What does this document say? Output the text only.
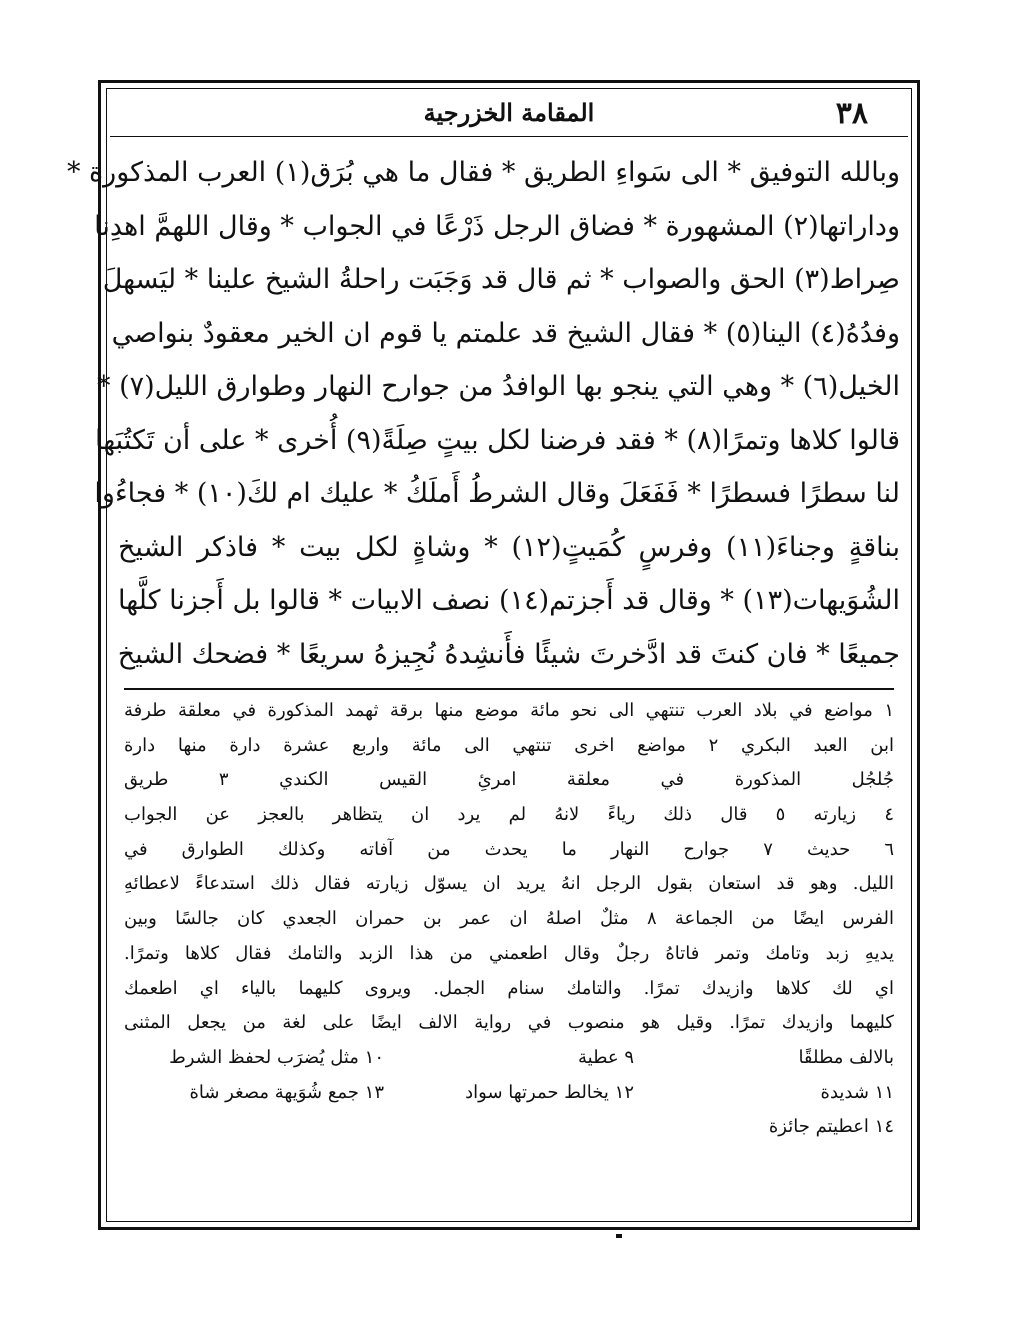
٣٨
المقامة الخزرجية
وبالله التوفيق * الى سَواءِ الطريق * فقال ما هي بُرَق(١) العرب المذكورة *
وداراتها(٢) المشهورة * فضاق الرجل ذَرْعًا في الجواب * وقال اللهمَّ اهدِنا
صِراط(٣) الحق والصواب * ثم قال قد وَجَبَت راحلةُ الشيخ علينا * ليَسهلَ
وفدُهُ(٤) الينا(٥) * فقال الشيخ قد علمتم يا قوم ان الخير معقودٌ بنواصي
الخيل(٦) * وهي التي ينجو بها الوافدُ من جوارح النهار وطوارق الليل(٧) *
قالوا كلاها وتمرًا(٨) * فقد فرضنا لكل بيتٍ صِلَةً(٩) أُخرى * على أن تَكتُبَها
لنا سطرًا فسطرًا * فَفَعَلَ وقال الشرطُ أَملَكُ * عليك ام لكَ(١٠) * فجاءُوا
بناقةٍ وجناءَ(١١) وفرسٍ كُمَيتٍ(١٢) * وشاةٍ لكل بيت * فاذكر الشيخ
الشُوَيهات(١٣) * وقال قد أَجزتم(١٤) نصف الابيات * قالوا بل أَجزنا كلَّها
جميعًا * فان كنتَ قد ادَّخرتَ شيئًا فأَنشِدهُ نُجِيزهُ سريعًا * فضحك الشيخ
١ مواضع في بلاد العرب تنتهي الى نحو مائة موضع منها برقة ثهمد المذكورة في معلقة طرفة
ابن العبد البكري ٢ مواضع اخرى تنتهي الى مائة واربع عشرة دارة منها دارة
جُلجُل المذكورة في معلقة امرئِ القيس الكندي ٣ طريق
٤ زيارته ٥ قال ذلك رياءً لانهُ لم يرد ان يتظاهر بالعجز عن الجواب
٦ حديث ٧ جوارح النهار ما يحدث من آفاته وكذلك الطوارق في
الليل. وهو قد استعان بقول الرجل انهُ يريد ان يسوّل زيارته فقال ذلك استدعاءً لاعطائهِ
الفرس ايضًا من الجماعة ٨ مثلٌ اصلهُ ان عمر بن حمران الجعدي كان جالسًا وبين
يديهِ زبد وتامك وتمر فاتاهُ رجلٌ وقال اطعمني من هذا الزبد والتامك فقال كلاها وتمرًا.
اي لك كلاها وازيدك تمرًا. والتامك سنام الجمل. ويروى كليهما بالياء اي اطعمك
كليهما وازيدك تمرًا. وقيل هو منصوب في رواية الالف ايضًا على لغة من يجعل المثنى
بالالف مطلقًا
٩ عطية
١٠ مثل يُضرَب لحفظ الشرط
١١ شديدة
١٢ يخالط حمرتها سواد
١٣ جمع شُوَيهة مصغر شاة
١٤ اعطيتم جائزة
